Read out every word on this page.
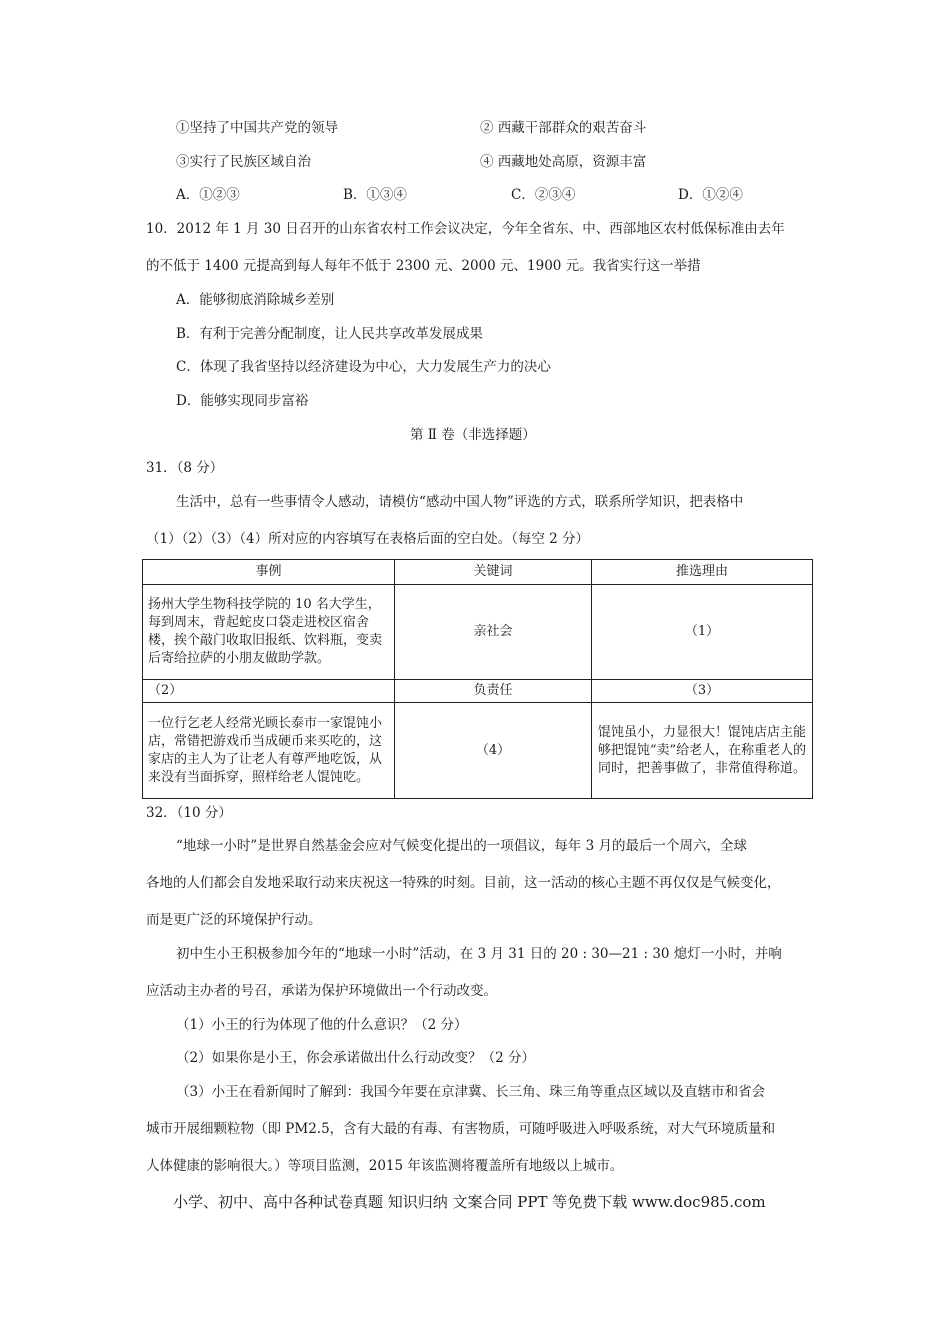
①坚持了中国共产党的领导	② 西藏干部群众的艰苦奋斗
③实行了民族区域自治	④ 西藏地处高原，资源丰富
A．①②③	B．①③④	C．②③④	D．①②④
10．2012 年 1 月 30 日召开的山东省农村工作会议决定，今年全省东、中、西部地区农村低保标准由去年
的不低于 1400 元提高到每人每年不低于 2300 元、2000 元、1900 元。我省实行这一举措
A．能够彻底消除城乡差别
B．有利于完善分配制度，让人民共享改革发展成果
C．体现了我省坚持以经济建设为中心，大力发展生产力的决心
D．能够实现同步富裕
第 Ⅱ 卷（非选择题）
31．（8 分）
生活中，总有一些事情令人感动，请模仿“感动中国人物”评选的方式，联系所学知识，把表格中
（1）（2）（3）（4）所对应的内容填写在表格后面的空白处。（每空 2 分）
事例	关键词	推选理由
扬州大学生物科技学院的 10 名大学生，每到周末，背起蛇皮口袋走进校区宿舍楼，挨个敲门收取旧报纸、饮料瓶，变卖后寄给拉萨的小朋友做助学款。	亲社会	（1）
（2）	负责任	（3）
一位行乞老人经常光顾长泰市一家馄饨小店，常错把游戏币当成硬币来买吃的，这家店的主人为了让老人有尊严地吃饭，从来没有当面拆穿，照样给老人馄饨吃。	（4）	馄饨虽小，力显很大！馄饨店店主能够把馄饨“卖”给老人，在称重老人的同时，把善事做了，非常值得称道。
32．（10 分）
“地球一小时”是世界自然基金会应对气候变化提出的一项倡议，每年 3 月的最后一个周六，全球
各地的人们都会自发地采取行动来庆祝这一特殊的时刻。目前，这一活动的核心主题不再仅仅是气候变化，
而是更广泛的环境保护行动。
初中生小王积极参加今年的“地球一小时”活动，在 3 月 31 日的 20 : 30—21 : 30 熄灯一小时，并响
应活动主办者的号召，承诺为保护环境做出一个行动改变。
（1）小王的行为体现了他的什么意识？（2 分）
（2）如果你是小王，你会承诺做出什么行动改变？（2 分）
（3）小王在看新闻时了解到：我国今年要在京津冀、长三角、珠三角等重点区域以及直辖市和省会
城市开展细颗粒物（即 PM2.5，含有大最的有毒、有害物质，可随呼吸进入呼吸系统，对大气环境质量和
人体健康的影响很大。）等项目监测，2015 年该监测将覆盖所有地级以上城市。
小学、初中、高中各种试卷真题 知识归纳 文案合同 PPT 等免费下载 www.doc985.com
